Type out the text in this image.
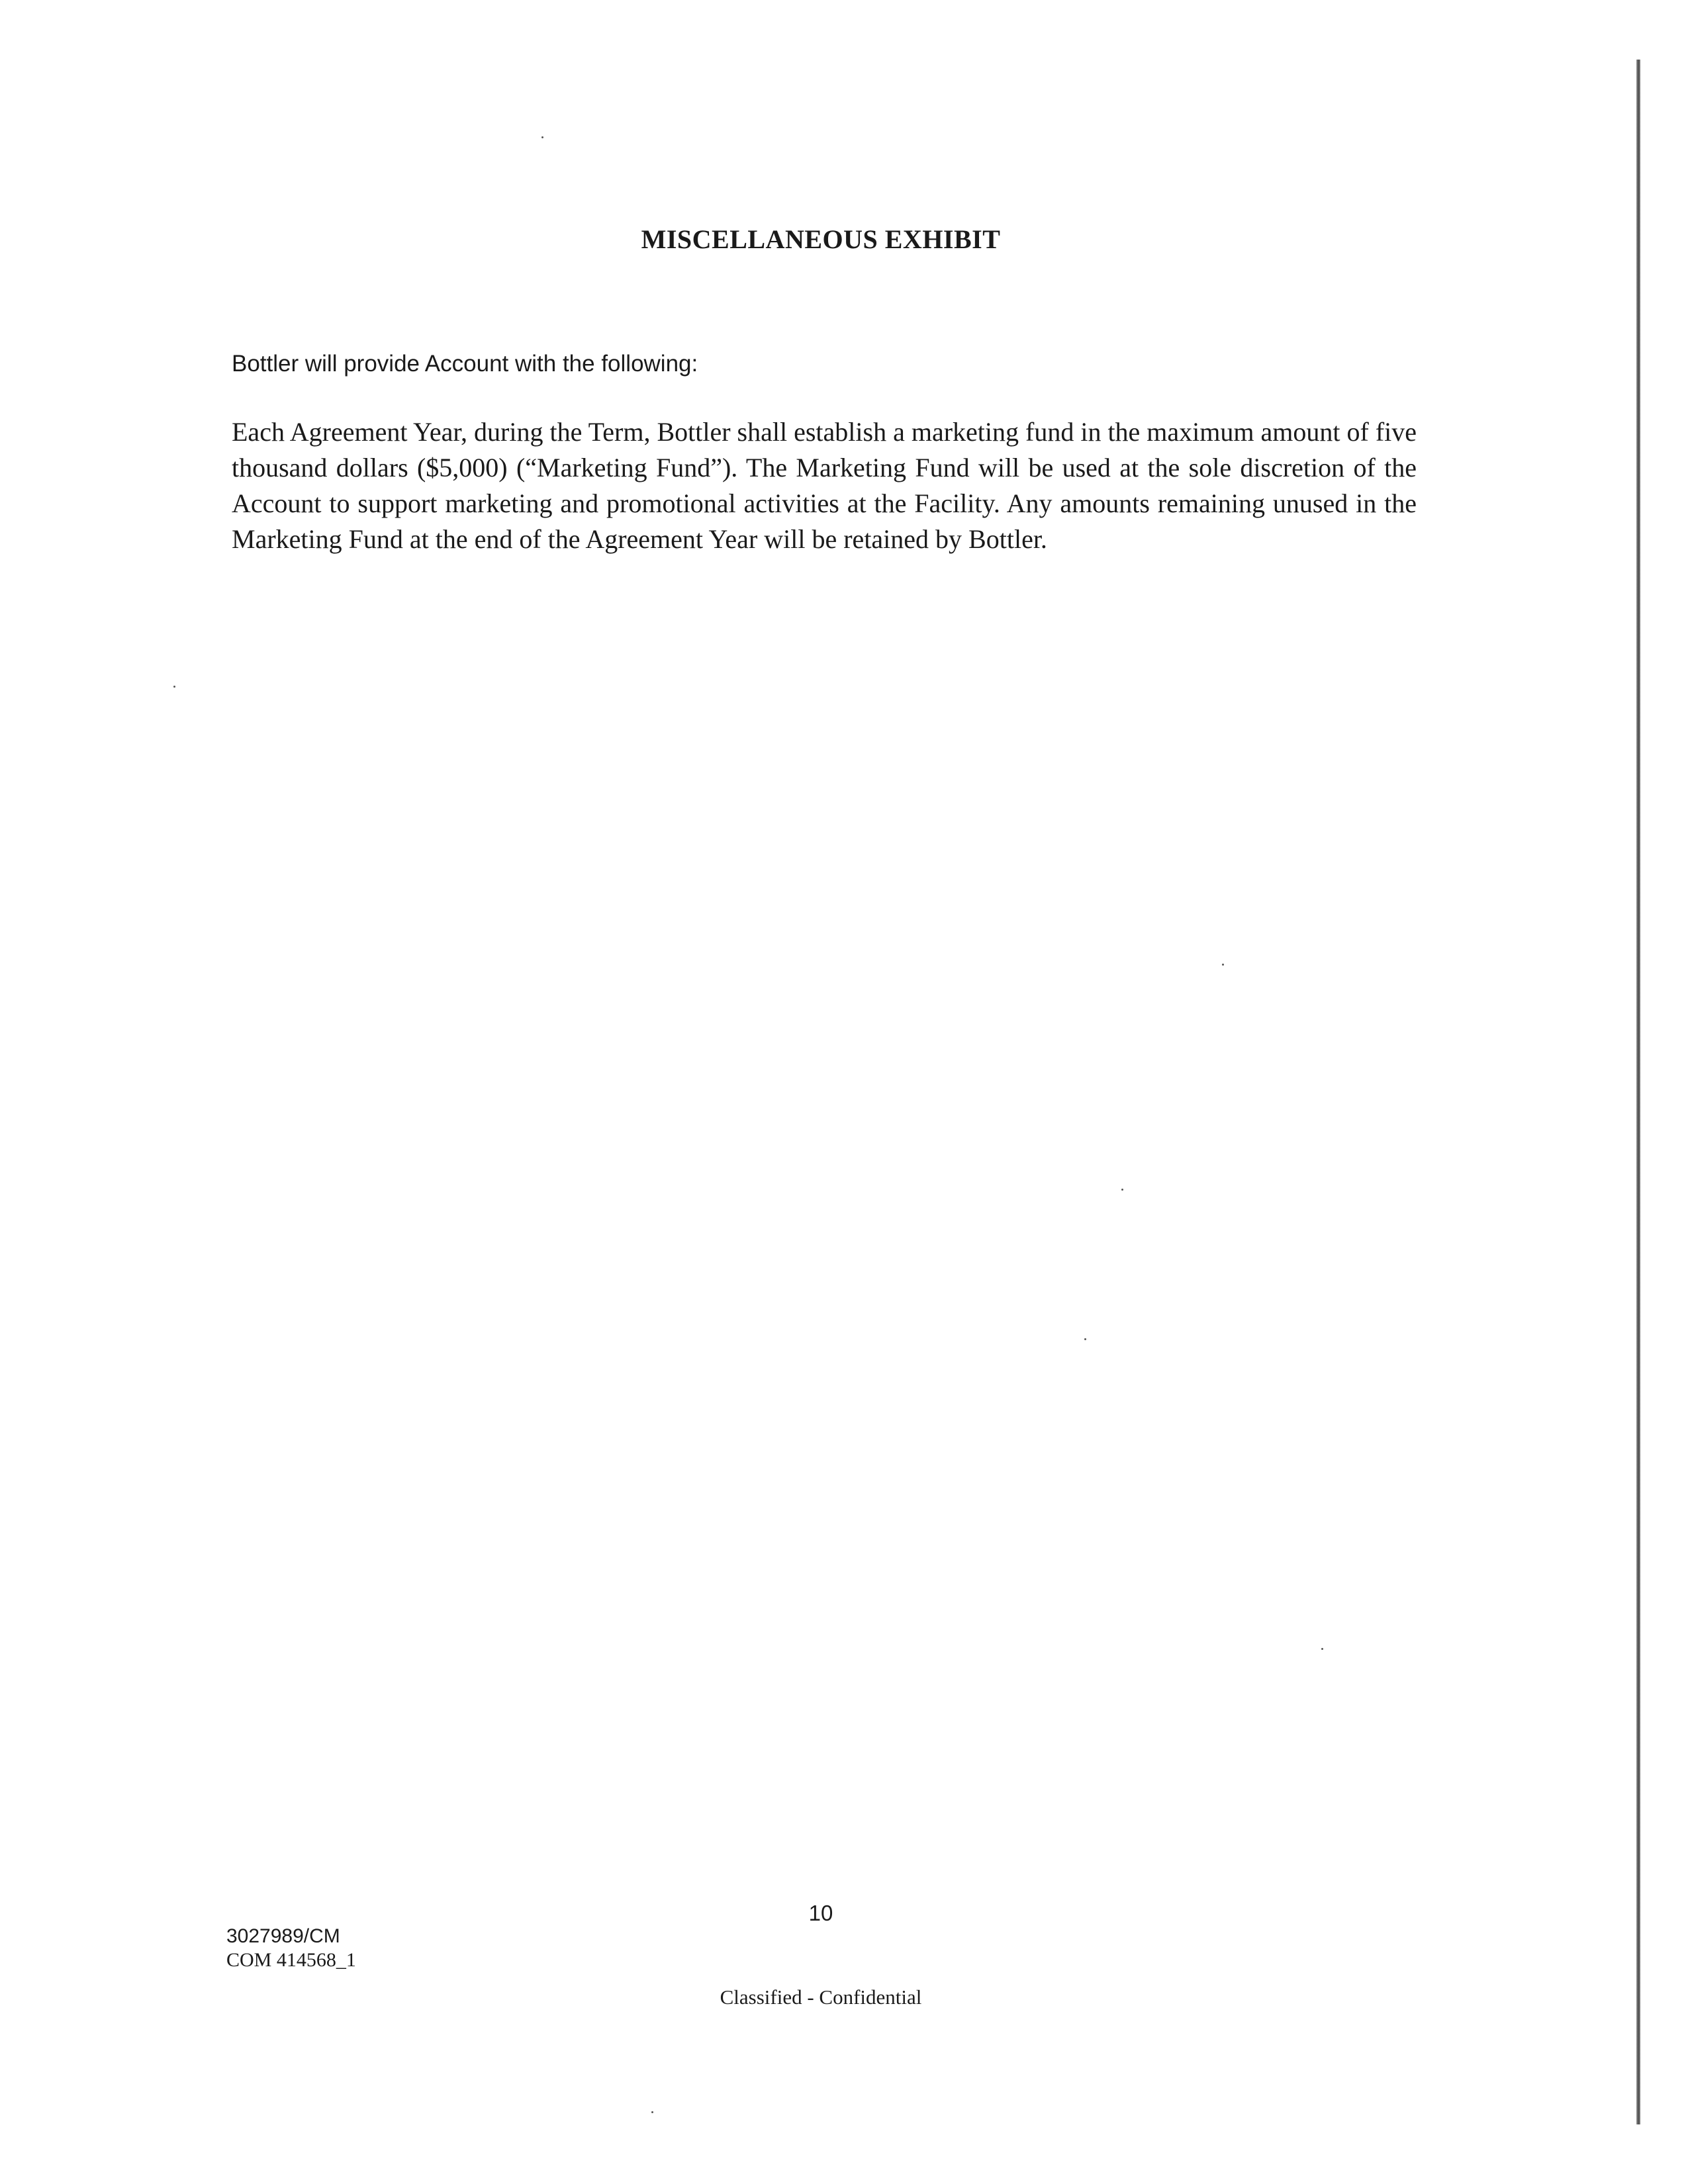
MISCELLANEOUS EXHIBIT
Bottler will provide Account with the following:
Each Agreement Year, during the Term, Bottler shall establish a marketing fund in the maximum amount of five thousand dollars ($5,000) (“Marketing Fund”). The Marketing Fund will be used at the sole discretion of the Account to support marketing and promotional activities at the Facility. Any amounts remaining unused in the Marketing Fund at the end of the Agreement Year will be retained by Bottler.
10
3027989/CM
COM 414568_1
Classified - Confidential
